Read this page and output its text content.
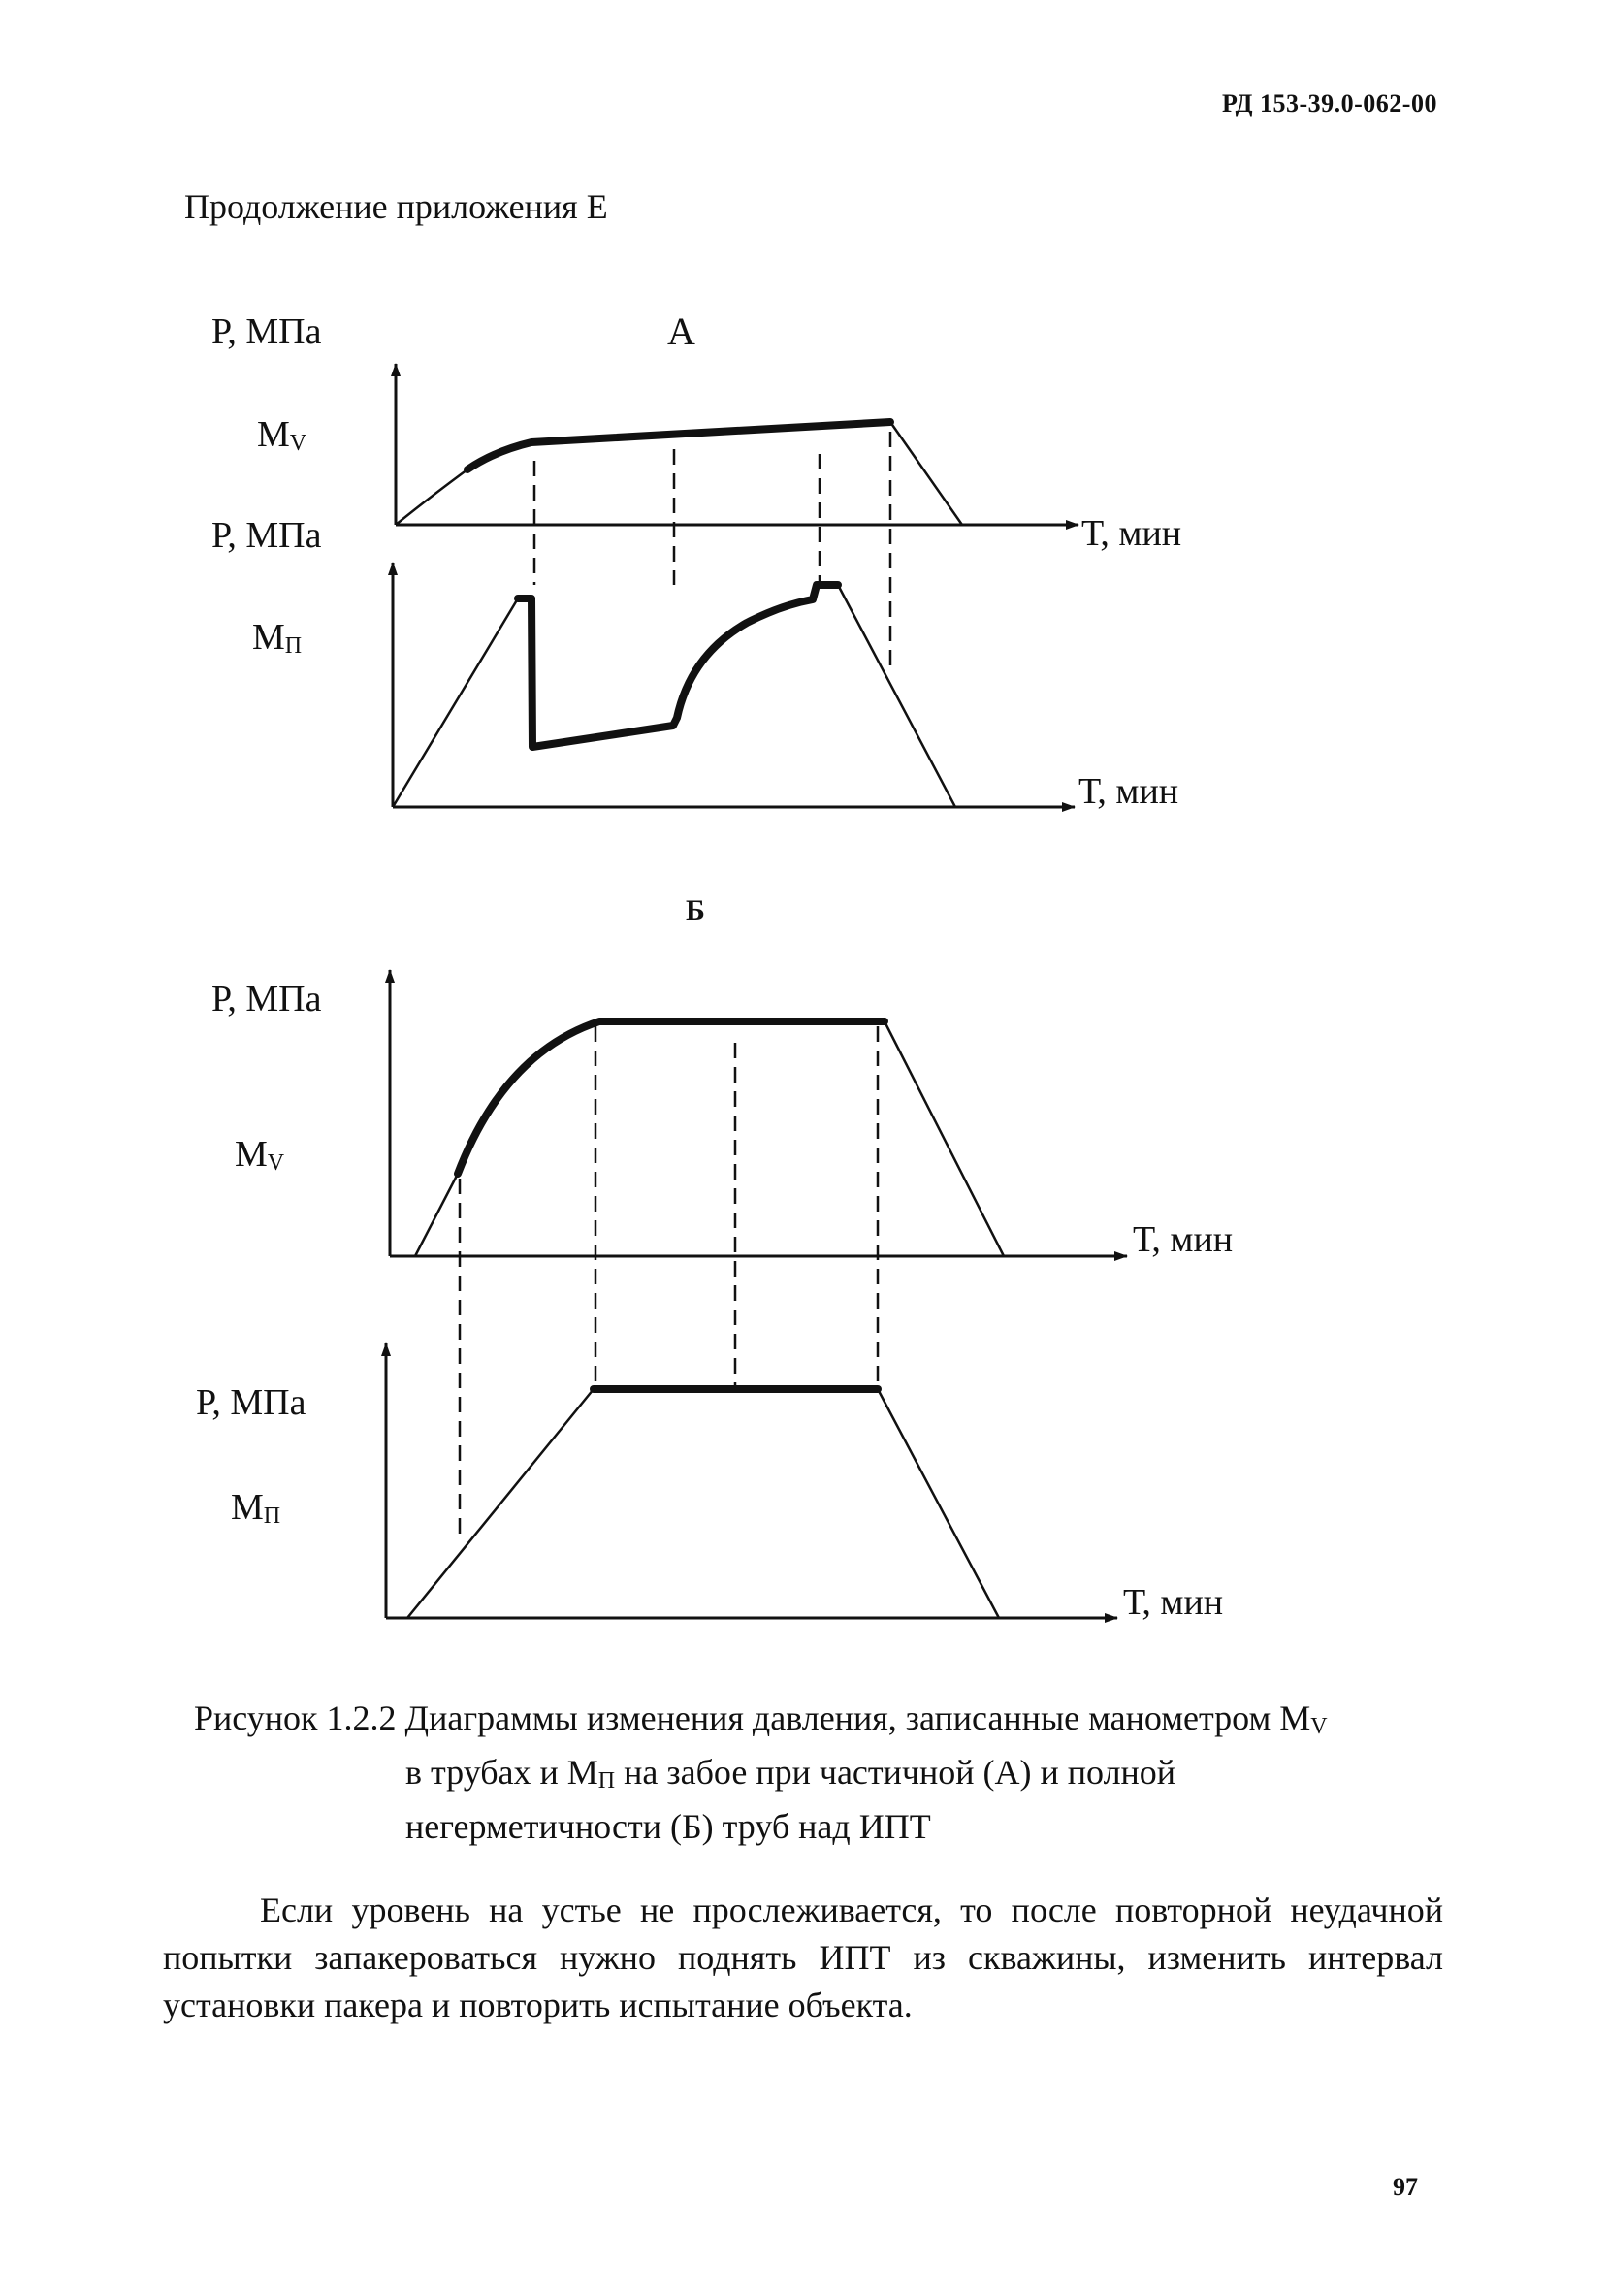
РД 153-39.0-062-00
Продолжение приложения Е
Р, МПа	А
МV
Р, МПа	Т, мин
МП
Т, мин
Б
Р, МПа
МV
Т, мин
Р, МПа
МП
Т, мин
Рисунок 1.2.2 Диаграммы изменения давления, записанные манометром МV
в трубах и МП на забое при частичной (А) и полной
негерметичности (Б) труб над ИПТ
Если уровень на устье не прослеживается, то после повторной неудачной попытки запакероваться нужно поднять ИПТ из скважины, изменить интервал установки пакера и повторить испытание объекта.
97
